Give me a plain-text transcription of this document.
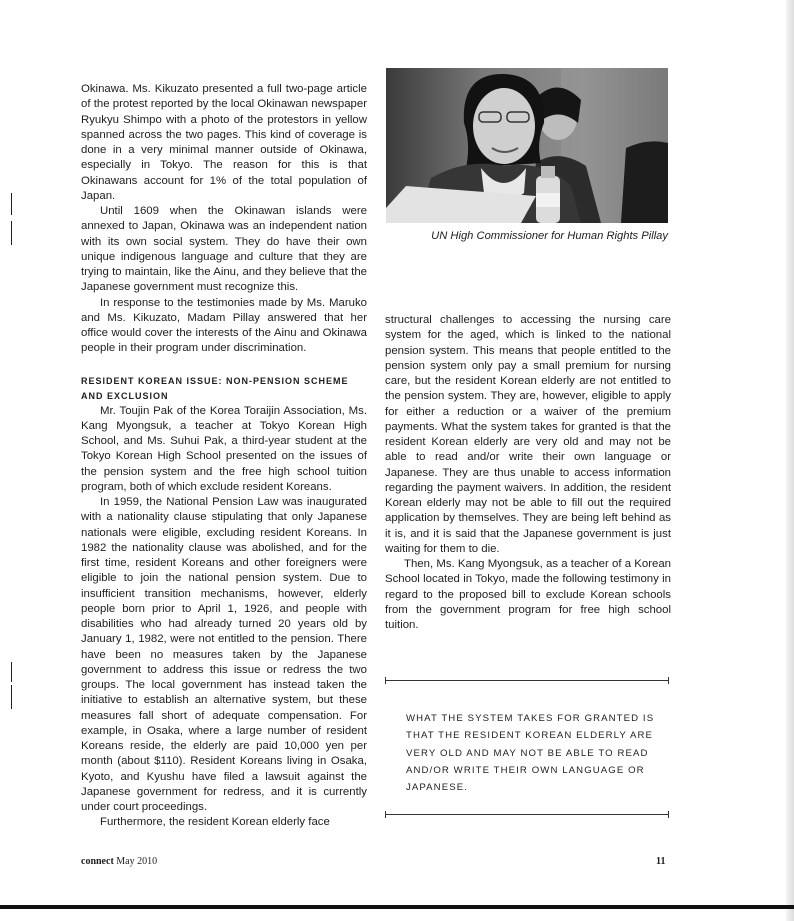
Okinawa. Ms. Kikuzato presented a full two-page article of the protest reported by the local Okinawan newspaper Ryukyu Shimpo with a photo of the protestors in yellow spanned across the two pages. This kind of coverage is done in a very minimal manner outside of Okinawa, especially in Tokyo. The reason for this is that Okinawans account for 1% of the total population of Japan.

Until 1609 when the Okinawan islands were annexed to Japan, Okinawa was an independent nation with its own social system. They do have their own unique indigenous language and culture that they are trying to maintain, like the Ainu, and they believe that the Japanese government must recognize this.

In response to the testimonies made by Ms. Maruko and Ms. Kikuzato, Madam Pillay answered that her office would cover the interests of the Ainu and Okinawa people in their program under discrimination.

RESIDENT KOREAN ISSUE: NON-PENSION SCHEME AND EXCLUSION

Mr. Toujin Pak of the Korea Toraijin Association, Ms. Kang Myongsuk, a teacher at Tokyo Korean High School, and Ms. Suhui Pak, a third-year student at the Tokyo Korean High School presented on the issues of the pension system and the free high school tuition program, both of which exclude resident Koreans.

In 1959, the National Pension Law was inaugurated with a nationality clause stipulating that only Japanese nationals were eligible, excluding resident Koreans. In 1982 the nationality clause was abolished, and for the first time, resident Koreans and other foreigners were eligible to join the national pension system. Due to insufficient transition mechanisms, however, elderly people born prior to April 1, 1926, and people with disabilities who had already turned 20 years old by January 1, 1982, were not entitled to the pension. There have been no measures taken by the Japanese government to address this issue or redress the two groups. The local government has instead taken the initiative to establish an alternative system, but these measures fall short of adequate compensation. For example, in Osaka, where a large number of resident Koreans reside, the elderly are paid 10,000 yen per month (about $110). Resident Koreans living in Osaka, Kyoto, and Kyushu have filed a lawsuit against the Japanese government for redress, and it is currently under court proceedings.

Furthermore, the resident Korean elderly face

UN High Commissioner for Human Rights Pillay

structural challenges to accessing the nursing care system for the aged, which is linked to the national pension system. This means that people entitled to the pension system only pay a small premium for nursing care, but the resident Korean elderly are not entitled to the pension system. They are, however, eligible to apply for either a reduction or a waiver of the premium payments. What the system takes for granted is that the resident Korean elderly are very old and may not be able to read and/or write their own language or Japanese. They are thus unable to access information regarding the payment waivers. In addition, the resident Korean elderly may not be able to fill out the required application by themselves. They are being left behind as it is, and it is said that the Japanese government is just waiting for them to die.

Then, Ms. Kang Myongsuk, as a teacher of a Korean School located in Tokyo, made the following testimony in regard to the proposed bill to exclude Korean schools from the government program for free high school tuition.

WHAT THE SYSTEM TAKES FOR GRANTED IS THAT THE RESIDENT KOREAN ELDERLY ARE VERY OLD AND MAY NOT BE ABLE TO READ AND/OR WRITE THEIR OWN LANGUAGE OR JAPANESE.
connect May 2010	11
